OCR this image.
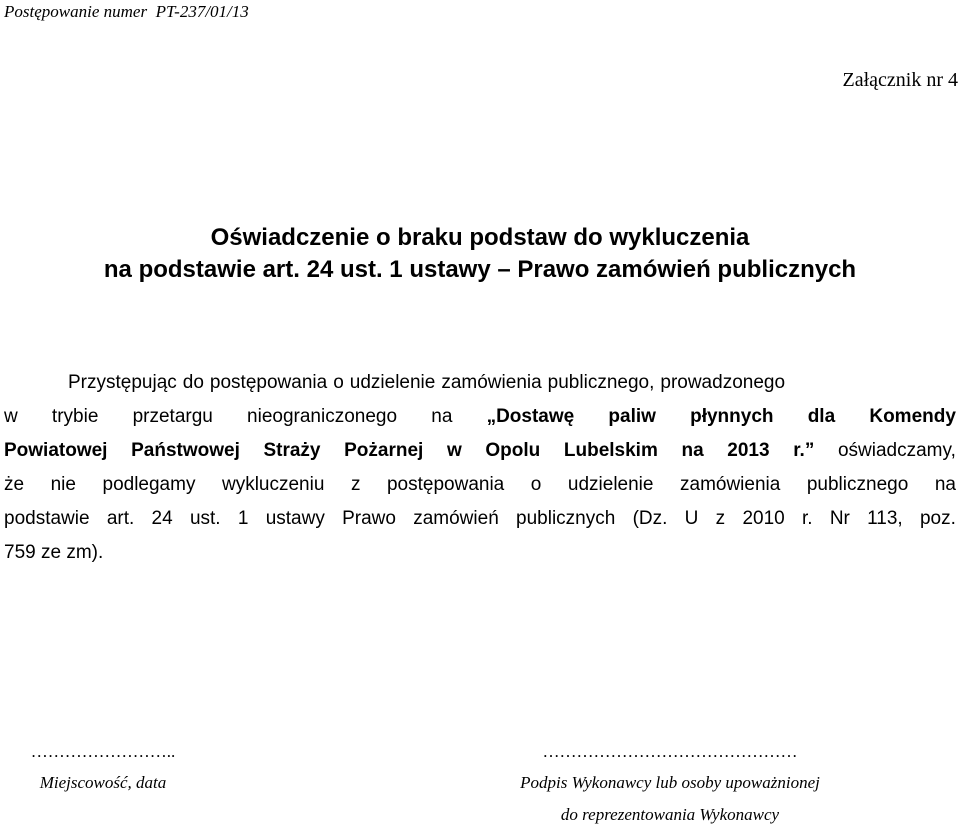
Postępowanie numer PT-237/01/13
Załącznik nr 4
Oświadczenie o braku podstaw do wykluczenia
na podstawie art. 24 ust. 1 ustawy – Prawo zamówień publicznych
Przystępując do postępowania o udzielenie zamówienia publicznego, prowadzonego
w trybie przetargu nieograniczonego na „Dostawę paliw płynnych dla Komendy
Powiatowej Państwowej Straży Pożarnej w Opolu Lubelskim na 2013 r.” oświadczamy,
że nie podlegamy wykluczeniu z postępowania o udzielenie zamówienia publicznego na
podstawie art. 24 ust. 1 ustawy Prawo zamówień publicznych (Dz. U z 2010 r. Nr 113, poz.
759 ze zm).
……………………..
Miejscowość, data
………………………………………
Podpis Wykonawcy lub osoby upoważnionej
do reprezentowania Wykonawcy
